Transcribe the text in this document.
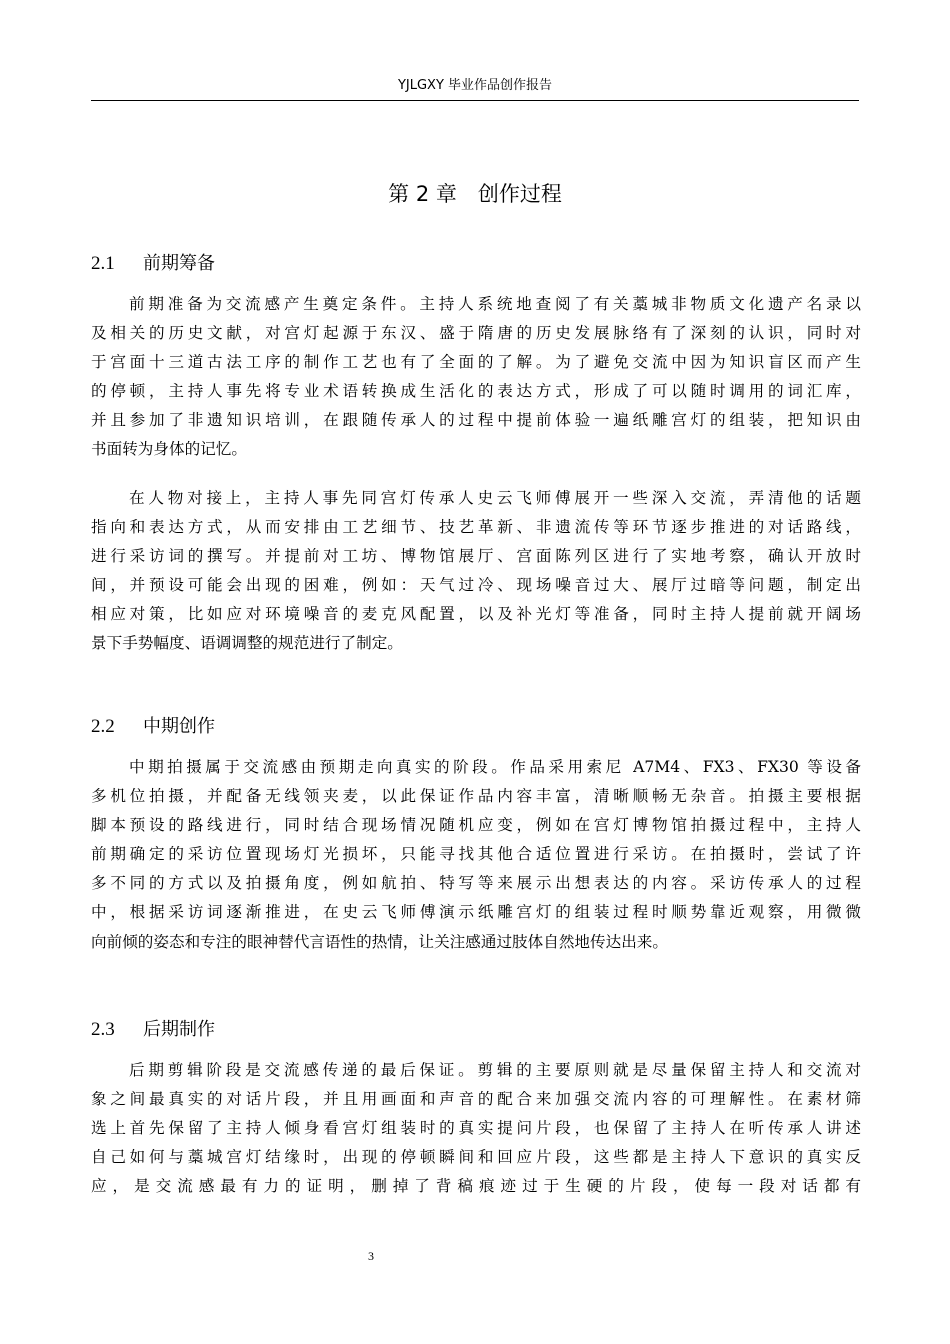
YJLGXY 毕业作品创作报告
第 2 章　创作过程
2.1 前期筹备
前期准备为交流感产生奠定条件。主持人系统地查阅了有关藁城非物质文化遗产名录以
及相关的历史文献，对宫灯起源于东汉、盛于隋唐的历史发展脉络有了深刻的认识，同时对
于宫面十三道古法工序的制作工艺也有了全面的了解。为了避免交流中因为知识盲区而产生
的停顿，主持人事先将专业术语转换成生活化的表达方式，形成了可以随时调用的词汇库，
并且参加了非遗知识培训，在跟随传承人的过程中提前体验一遍纸雕宫灯的组装，把知识由
书面转为身体的记忆。
在人物对接上，主持人事先同宫灯传承人史云飞师傅展开一些深入交流，弄清他的话题
指向和表达方式，从而安排由工艺细节、技艺革新、非遗流传等环节逐步推进的对话路线，
进行采访词的撰写。并提前对工坊、博物馆展厅、宫面陈列区进行了实地考察，确认开放时
间，并预设可能会出现的困难，例如：天气过冷、现场噪音过大、展厅过暗等问题，制定出
相应对策，比如应对环境噪音的麦克风配置，以及补光灯等准备，同时主持人提前就开阔场
景下手势幅度、语调调整的规范进行了制定。
2.2 中期创作
中期拍摄属于交流感由预期走向真实的阶段。作品采用索尼 A7M4、FX3、FX30 等设备
多机位拍摄，并配备无线领夹麦，以此保证作品内容丰富，清晰顺畅无杂音。拍摄主要根据
脚本预设的路线进行，同时结合现场情况随机应变，例如在宫灯博物馆拍摄过程中，主持人
前期确定的采访位置现场灯光损坏，只能寻找其他合适位置进行采访。在拍摄时，尝试了许
多不同的方式以及拍摄角度，例如航拍、特写等来展示出想表达的内容。采访传承人的过程
中，根据采访词逐渐推进，在史云飞师傅演示纸雕宫灯的组装过程时顺势靠近观察，用微微
向前倾的姿态和专注的眼神替代言语性的热情，让关注感通过肢体自然地传达出来。
2.3 后期制作
后期剪辑阶段是交流感传递的最后保证。剪辑的主要原则就是尽量保留主持人和交流对
象之间最真实的对话片段，并且用画面和声音的配合来加强交流内容的可理解性。在素材筛
选上首先保留了主持人倾身看宫灯组装时的真实提问片段，也保留了主持人在听传承人讲述
自己如何与藁城宫灯结缘时，出现的停顿瞬间和回应片段，这些都是主持人下意识的真实反
应，是交流感最有力的证明，删掉了背稿痕迹过于生硬的片段，使每一段对话都有
3
